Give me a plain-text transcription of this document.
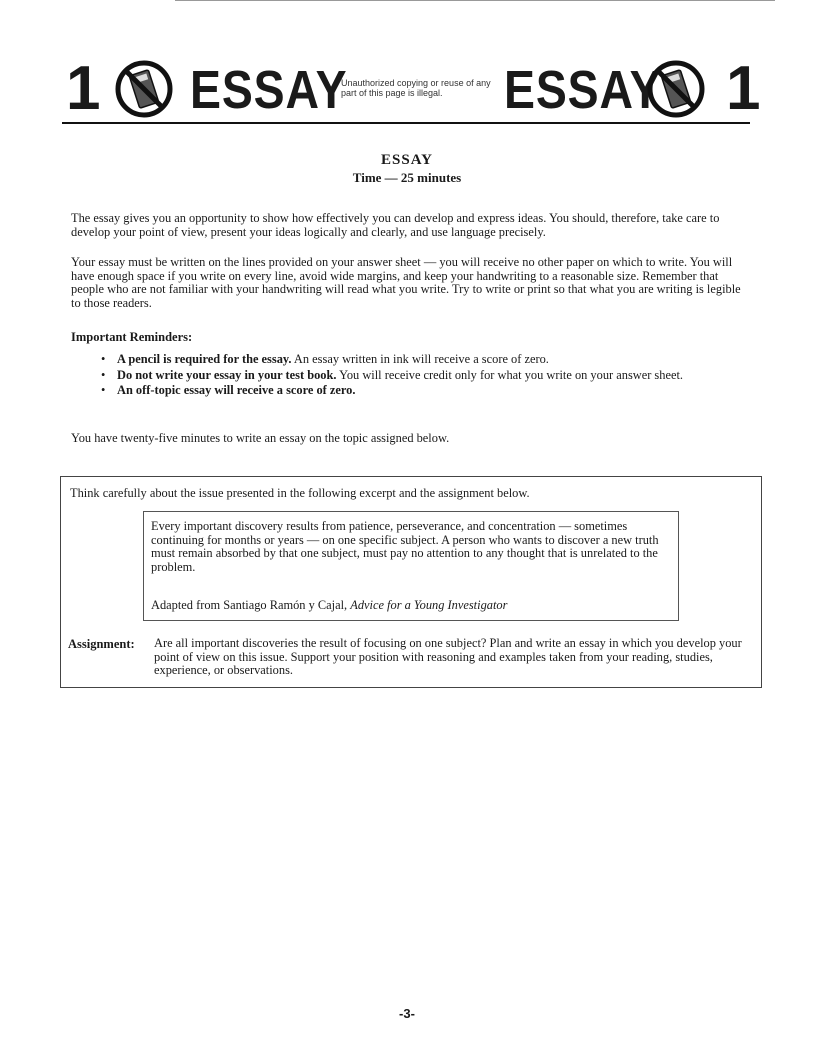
1 ESSAY
Unauthorized copying or reuse of any part of this page is illegal.	ESSAY 1
ESSAY
Time — 25 minutes

The essay gives you an opportunity to show how effectively you can develop and express ideas. You should, therefore, take care to develop your point of view, present your ideas logically and clearly, and use language precisely.

Your essay must be written on the lines provided on your answer sheet — you will receive no other paper on which to write. You will have enough space if you write on every line, avoid wide margins, and keep your handwriting to a reasonable size. Remember that people who are not familiar with your handwriting will read what you write. Try to write or print so that what you are writing is legible to those readers.

Important Reminders:
• A pencil is required for the essay. An essay written in ink will receive a score of zero.
• Do not write your essay in your test book. You will receive credit only for what you write on your answer sheet.
• An off-topic essay will receive a score of zero.

You have twenty-five minutes to write an essay on the topic assigned below.

Think carefully about the issue presented in the following excerpt and the assignment below.
Every important discovery results from patience, perseverance, and concentration — sometimes continuing for months or years — on one specific subject. A person who wants to discover a new truth must remain absorbed by that one subject, must pay no attention to any thought that is unrelated to the problem.
Adapted from Santiago Ramón y Cajal, Advice for a Young Investigator
Assignment: Are all important discoveries the result of focusing on one subject? Plan and write an essay in which you develop your point of view on this issue. Support your position with reasoning and examples taken from your reading, studies, experience, or observations.
-3-
